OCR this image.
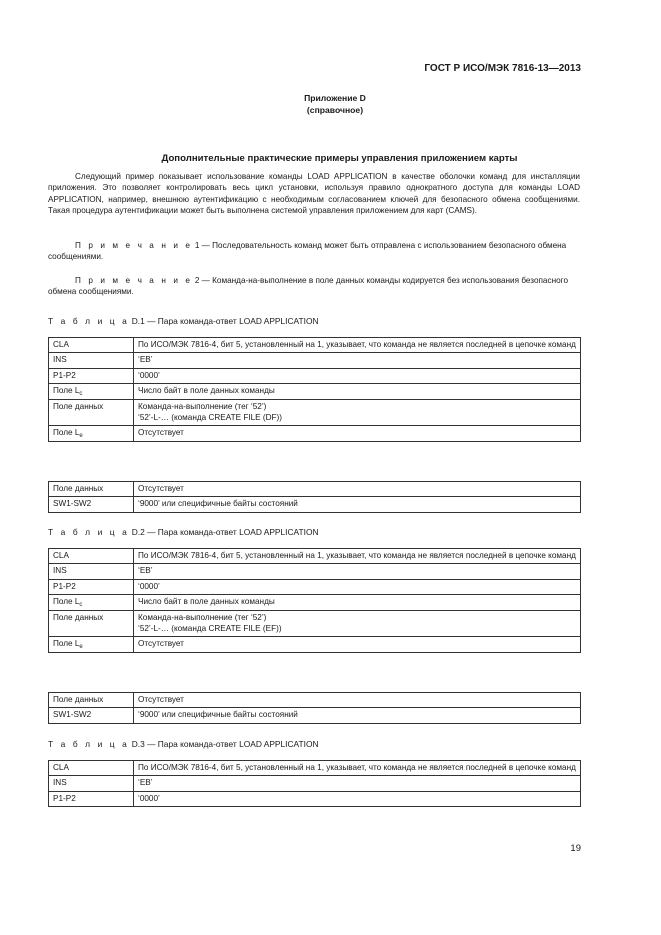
ГОСТ Р ИСО/МЭК 7816-13—2013
Приложение D
(справочное)
Дополнительные практические примеры управления приложением карты
Следующий пример показывает использование команды LOAD APPLICATION в качестве оболочки команд для инсталляции приложения. Это позволяет контролировать весь цикл установки, используя правило однократного доступа для команды LOAD APPLICATION, например, внешнюю аутентификацию с необходимым согласованием ключей для безопасного обмена сообщениями. Такая процедура аутентификации может быть выполнена системой управления приложением для карт (CAMS).
П р и м е ч а н и е 1 — Последовательность команд может быть отправлена с использованием безопасного обмена сообщениями.
П р и м е ч а н и е 2 — Команда-на-выполнение в поле данных команды кодируется без использования безопасного обмена сообщениями.
Т а б л и ц а D.1 — Пара команда-ответ LOAD APPLICATION
CLA	По ИСО/МЭК 7816-4, бит 5, установленный на 1, указывает, что команда не является последней в цепочке команд
INS	‘EB’
P1-P2	‘0000’
Поле $L_c$	Число байт в поле данных команды
Поле данных	Команда-на-выполнение (тег ‘52’)
‘52’-L-… (команда CREATE FILE (DF))

Поле $L_e$	Отсутствует
Поле данных	Отсутствует
SW1-SW2	‘9000’ или специфичные байты состояний
Т а б л и ц а D.2 — Пара команда-ответ LOAD APPLICATION
CLA	По ИСО/МЭК 7816-4, бит 5, установленный на 1, указывает, что команда не является последней в цепочке команд
INS	‘EB’
P1-P2	‘0000’
Поле $L_c$	Число байт в поле данных команды
Поле данных	Команда-на-выполнение (тег ‘52’)
‘52’-L-… (команда CREATE FILE (EF))

Поле $L_e$	Отсутствует
Поле данных	Отсутствует
SW1-SW2	‘9000’ или специфичные байты состояний
Т а б л и ц а D.3 — Пара команда-ответ LOAD APPLICATION
CLA	По ИСО/МЭК 7816-4, бит 5, установленный на 1, указывает, что команда не является последней в цепочке команд
INS	‘EB’
P1-P2	‘0000’
19
